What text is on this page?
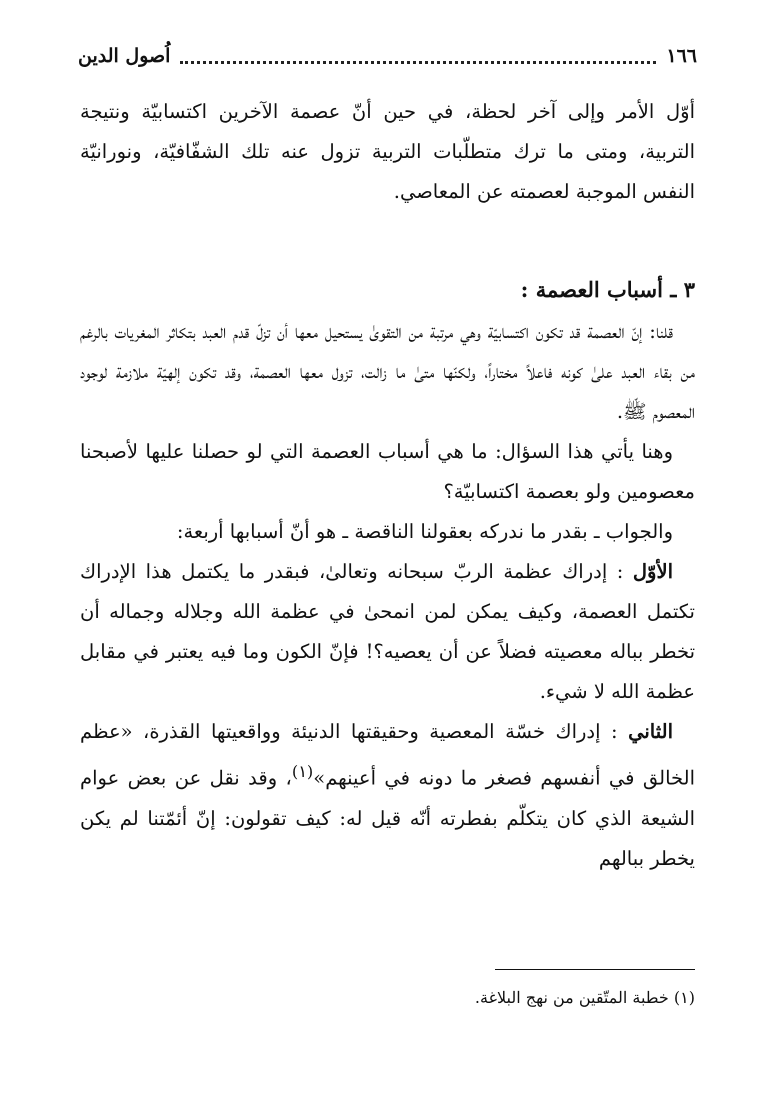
١٦٦
اُصول الدين

أوّل الأمر وإلى آخر لحظة، في حين أنّ عصمة الآخرين اكتسابيّة ونتيجة التربية، ومتى ما ترك متطلّبات التربية تزول عنه تلك الشفّافيّة، ونورانيّة النفس الموجبة لعصمته عن المعاصي.

٣ ـ أسباب العصمة :

قلنا: إنّ العصمة قد تكون اكتسابيّة وهي مرتبة من التقوىٰ يستحيل معها أن تزلّ قدم العبد بتكاثر المغريات بالرغم من بقاء العبد علىٰ كونه فاعلاً مختاراً، ولكنّها متىٰ ما زالت، تزول معها العصمة، وقد تكون إلهيّة ملازمة لوجود المعصوم ﷺ.

وهنا يأتي هذا السؤال: ما هي أسباب العصمة التي لو حصلنا عليها لأصبحنا معصومين ولو بعصمة اكتسابيّة؟

والجواب ـ بقدر ما ندركه بعقولنا الناقصة ـ هو أنّ أسبابها أربعة:

الأوّل : إدراك عظمة الربّ سبحانه وتعالىٰ، فبقدر ما يكتمل هذا الإدراك تكتمل العصمة، وكيف يمكن لمن انمحىٰ في عظمة الله وجلاله وجماله أن تخطر بباله معصيته فضلاً عن أن يعصيه؟! فإنّ الكون وما فيه يعتبر في مقابل عظمة الله لا شيء.

الثاني : إدراك خسّة المعصية وحقيقتها الدنيئة وواقعيتها القذرة، «عظم الخالق في أنفسهم فصغر ما دونه في أعينهم»$^{(١)}$، وقد نقل عن بعض عوام الشيعة الذي كان يتكلّم بفطرته أنّه قيل له: كيف تقولون: إنّ أئمّتنا لم يكن يخطر ببالهم

(١) خطبة المتّقين من نهج البلاغة.
